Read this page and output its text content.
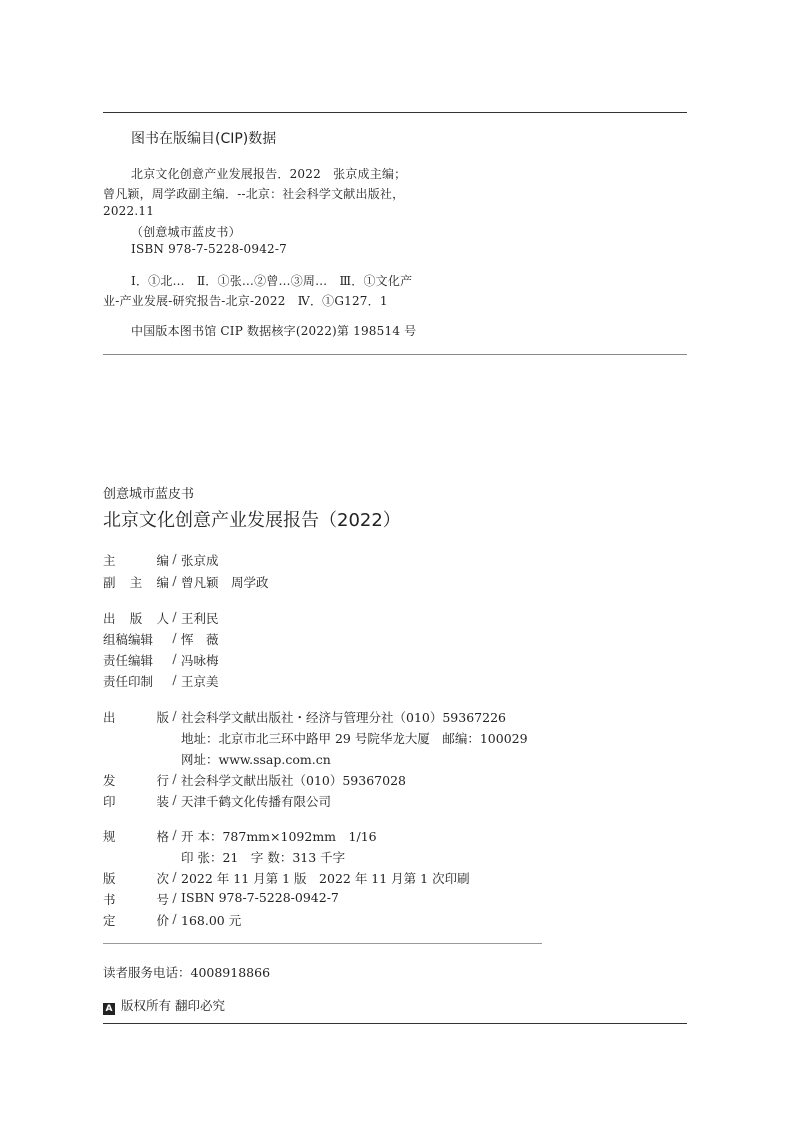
图书在版编目(CIP)数据
北京文化创意产业发展报告．2022　张京成主编；
曾凡颖，周学政副主编．--北京：社会科学文献出版社，
2022.11
（创意城市蓝皮书）
ISBN 978-7-5228-0942-7
Ⅰ．①北…　Ⅱ．①张…②曾…③周…　Ⅲ．①文化产
业-产业发展-研究报告-北京-2022　Ⅳ．①G127．1
中国版本图书馆 CIP 数据核字(2022)第 198514 号
创意城市蓝皮书
北京文化创意产业发展报告（2022）
主	编 ∕ 张京成
副 主 编 ∕ 曾凡颖　周学政
出 版 人 ∕ 王利民
组稿编辑	∕ 恽　薇
责任编辑	∕ 冯咏梅
责任印制	∕ 王京美
出	版 ∕ 社会科学文献出版社・经济与管理分社（010）59367226
地址：北京市北三环中路甲 29 号院华龙大厦　邮编：100029
网址：www.ssap.com.cn
发	行 ∕ 社会科学文献出版社（010）59367028
印	装 ∕ 天津千鹤文化传播有限公司
规	格 ∕ 开 本：787mm×1092mm　1/16
印 张：21　字 数：313 千字
版	次 ∕ 2022 年 11 月第 1 版　2022 年 11 月第 1 次印刷
书	号 ∕ ISBN 978-7-5228-0942-7
定	价 ∕ 168.00 元
读者服务电话：4008918866
A 版权所有 翻印必究
